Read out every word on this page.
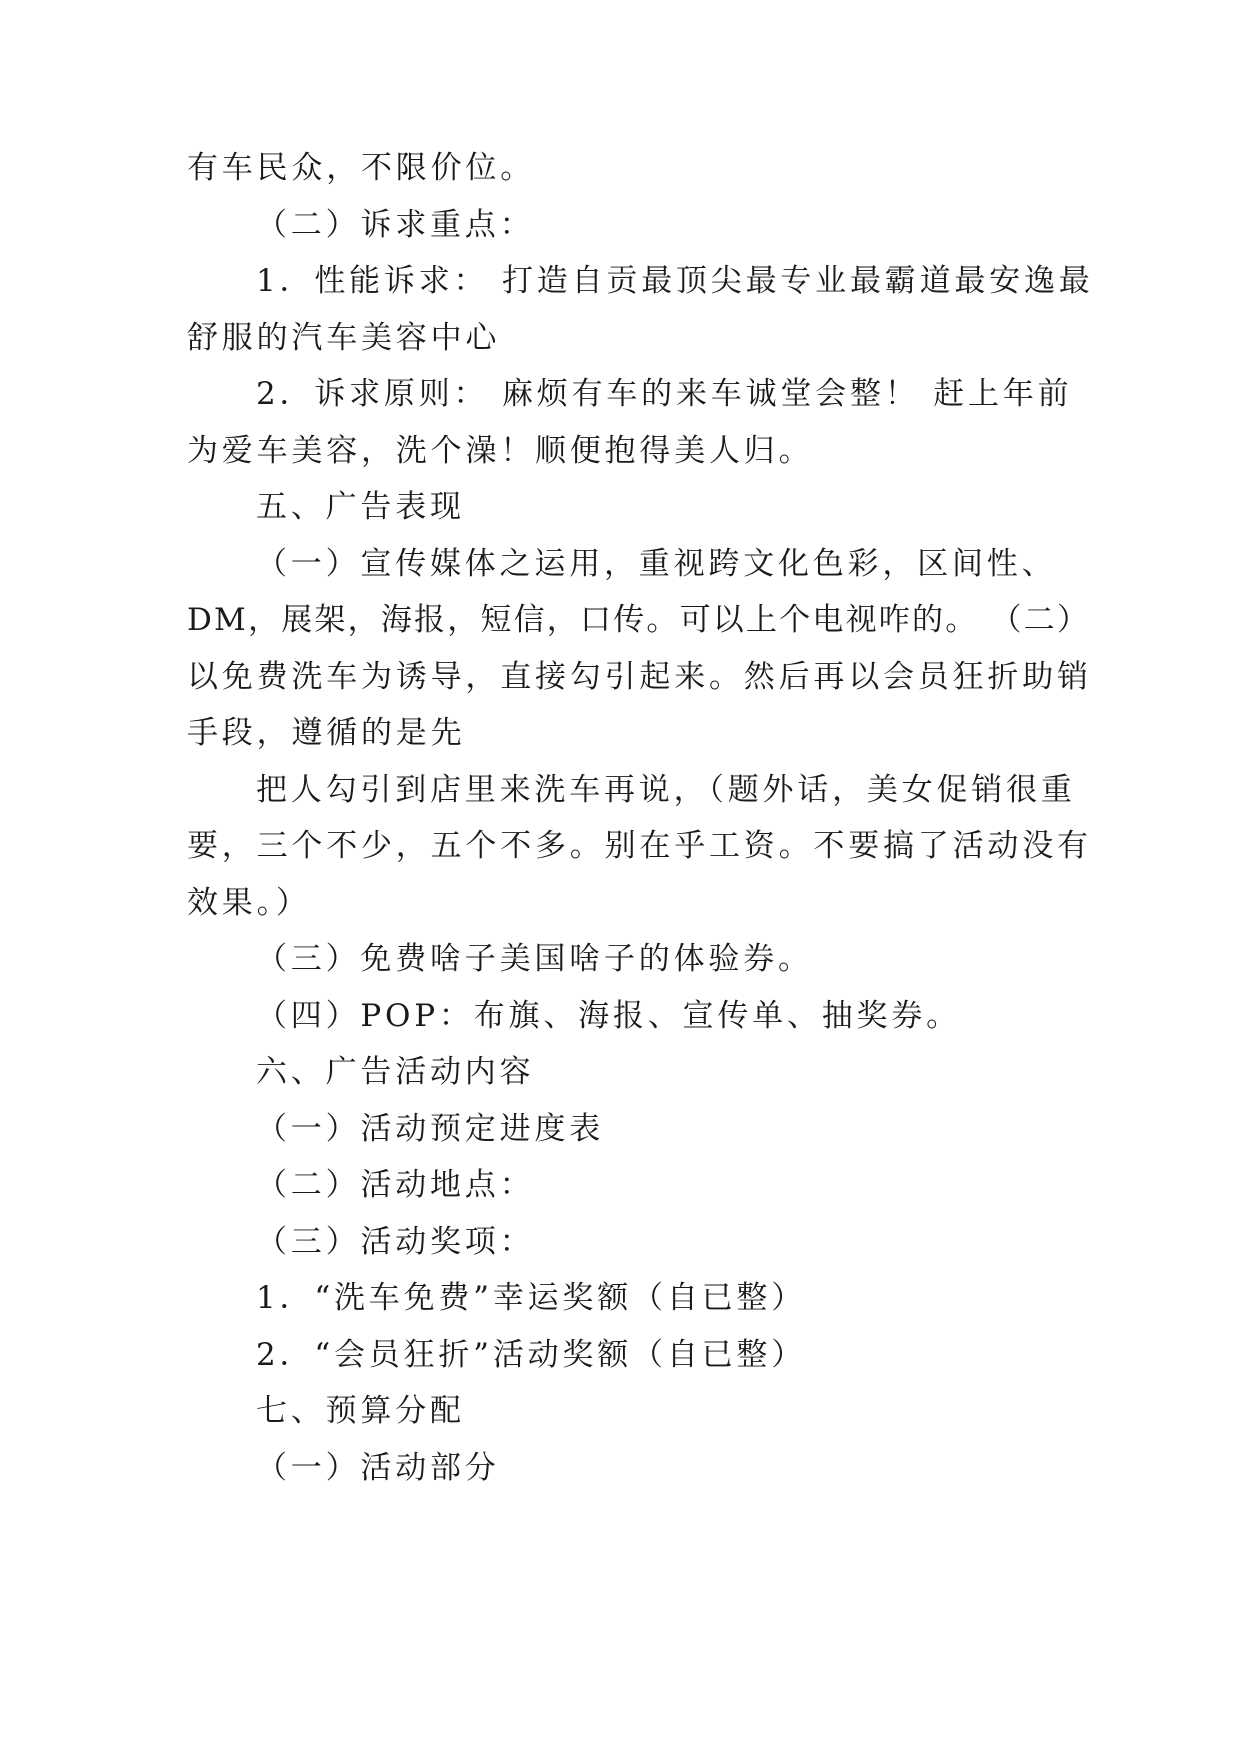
有车民众，不限价位。

（二）诉求重点：

1．性能诉求： 打造自贡最顶尖最专业最霸道最安逸最

舒服的汽车美容中心

2．诉求原则： 麻烦有车的来车诚堂会整！ 赶上年前

为爱车美容，洗个澡！顺便抱得美人归。

五、广告表现

（一）宣传媒体之运用，重视跨文化色彩，区间性、

DM，展架，海报，短信，口传。可以上个电视咋的。 （二）

以免费洗车为诱导，直接勾引起来。然后再以会员狂折助销

手段，遵循的是先

把人勾引到店里来洗车再说，（题外话，美女促销很重

要，三个不少，五个不多。别在乎工资。不要搞了活动没有

效果。）

（三）免费啥子美国啥子的体验券。

（四）POP：布旗、海报、宣传单、抽奖券。

六、广告活动内容

（一）活动预定进度表

（二）活动地点：

（三）活动奖项：

1．“洗车免费”幸运奖额（自已整）

2．“会员狂折”活动奖额（自已整）

七、预算分配

（一）活动部分
